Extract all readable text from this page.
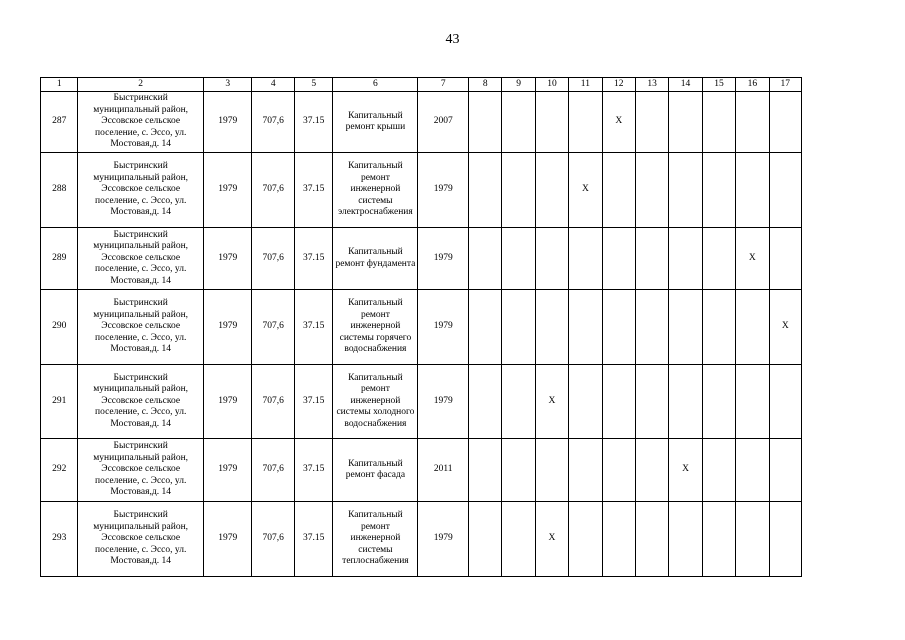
43
1	2	3	4	5	6	7	8	9	10	11	12	13	14	15	16	17
287	Быстринский муниципальный район, Эссовское сельское поселение, с. Эссо, ул. Мостовая,д. 14	1979	707,6	37.15	Капитальный ремонт крыши	2007					X					
288	Быстринский муниципальный район, Эссовское сельское поселение, с. Эссо, ул. Мостовая,д. 14	1979	707,6	37.15	Капитальный ремонт инженерной системы электроснабжения	1979				X						
289	Быстринский муниципальный район, Эссовское сельское поселение, с. Эссо, ул. Мостовая,д. 14	1979	707,6	37.15	Капитальный ремонт фундамента	1979									X	
290	Быстринский муниципальный район, Эссовское сельское поселение, с. Эссо, ул. Мостовая,д. 14	1979	707,6	37.15	Капитальный ремонт инженерной системы горячего водоснабжения	1979										X
291	Быстринский муниципальный район, Эссовское сельское поселение, с. Эссо, ул. Мостовая,д. 14	1979	707,6	37.15	Капитальный ремонт инженерной системы холодного водоснабжения	1979			X							
292	Быстринский муниципальный район, Эссовское сельское поселение, с. Эссо, ул. Мостовая,д. 14	1979	707,6	37.15	Капитальный ремонт фасада	2011							X			
293	Быстринский муниципальный район, Эссовское сельское поселение, с. Эссо, ул. Мостовая,д. 14	1979	707,6	37.15	Капитальный ремонт инженерной системы теплоснабжения	1979			X							
